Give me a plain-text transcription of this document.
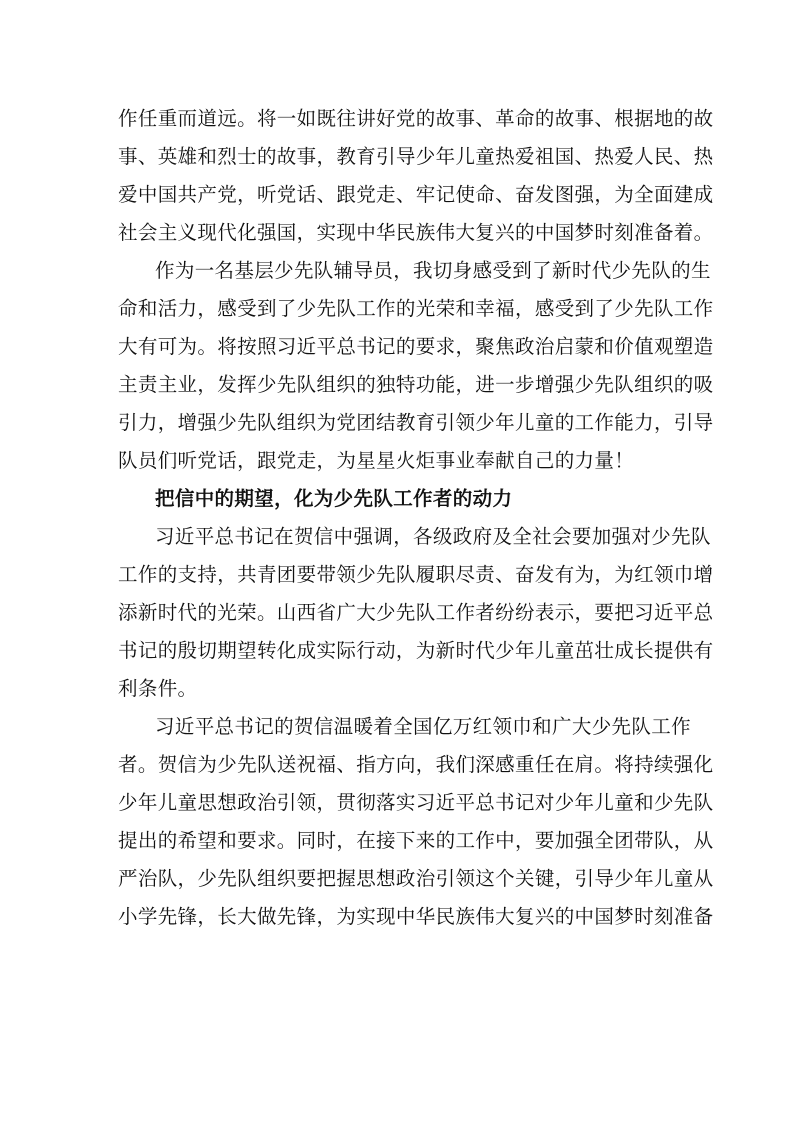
作任重而道远。将一如既往讲好党的故事、革命的故事、根据地的故
事、英雄和烈士的故事，教育引导少年儿童热爱祖国、热爱人民、热
爱中国共产党，听党话、跟党走、牢记使命、奋发图强，为全面建成
社会主义现代化强国，实现中华民族伟大复兴的中国梦时刻准备着。
作为一名基层少先队辅导员，我切身感受到了新时代少先队的生
命和活力，感受到了少先队工作的光荣和幸福，感受到了少先队工作
大有可为。将按照习近平总书记的要求，聚焦政治启蒙和价值观塑造
主责主业，发挥少先队组织的独特功能，进一步增强少先队组织的吸
引力，增强少先队组织为党团结教育引领少年儿童的工作能力，引导
队员们听党话，跟党走，为星星火炬事业奉献自己的力量！
把信中的期望，化为少先队工作者的动力
习近平总书记在贺信中强调，各级政府及全社会要加强对少先队
工作的支持，共青团要带领少先队履职尽责、奋发有为，为红领巾增
添新时代的光荣。山西省广大少先队工作者纷纷表示，要把习近平总
书记的殷切期望转化成实际行动，为新时代少年儿童茁壮成长提供有
利条件。
习近平总书记的贺信温暖着全国亿万红领巾和广大少先队工作
者。贺信为少先队送祝福、指方向，我们深感重任在肩。将持续强化
少年儿童思想政治引领，贯彻落实习近平总书记对少年儿童和少先队
提出的希望和要求。同时，在接下来的工作中，要加强全团带队，从
严治队，少先队组织要把握思想政治引领这个关键，引导少年儿童从
小学先锋，长大做先锋，为实现中华民族伟大复兴的中国梦时刻准备
